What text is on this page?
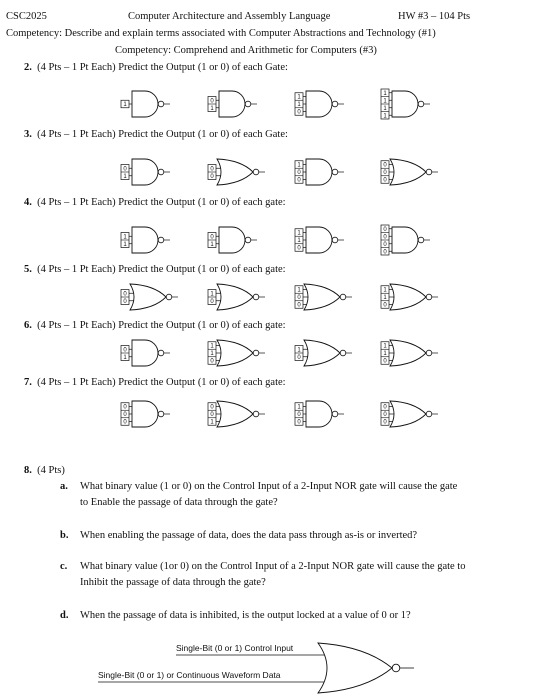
CSC2025	Computer Architecture and Assembly Language	HW #3 – 104 Pts
Competency: Describe and explain terms associated with Computer Abstractions and Technology (#1)
Competency: Comprehend and Arithmetic for Computers (#3)
2. (4 Pts – 1 Pt Each) Predict the Output (1 or 0) of each Gate:
3. (4 Pts – 1 Pt Each) Predict the Output (1 or 0) of each Gate:
4. (4 Pts – 1 Pt Each) Predict the Output (1 or 0) of each gate:
5. (4 Pts – 1 Pt Each) Predict the Output (1 or 0) of each gate:
6. (4 Pts – 1 Pt Each) Predict the Output (1 or 0) of each gate:
7. (4 Pts – 1 Pt Each) Predict the Output (1 or 0) of each gate:
1
0
1
1
1
0
1
1
1
1
0
1
0
0
1
0
0
0
0
0
1
1
0
1
1
1
0
0
0
0
0
0
0
1
0
1
0
0
1
1
0
0
1
1
1
0
1
0
1
1
0
0
0
0
0
0
1
1
0
0
0
0
0
8. (4 Pts)
a. What binary value (1 or 0) on the Control Input of a 2-Input NOR gate will cause the gate
to Enable the passage of data through the gate?
b. When enabling the passage of data, does the data pass through as-is or inverted?
c. What binary value (1or 0) on the Control Input of a 2-Input NOR gate will cause the gate to
Inhibit the passage of data through the gate?
d. When the passage of data is inhibited, is the output locked at a value of 0 or 1?
Single-Bit (0 or 1) Control Input
Single-Bit (0 or 1) or Continuous Waveform Data
